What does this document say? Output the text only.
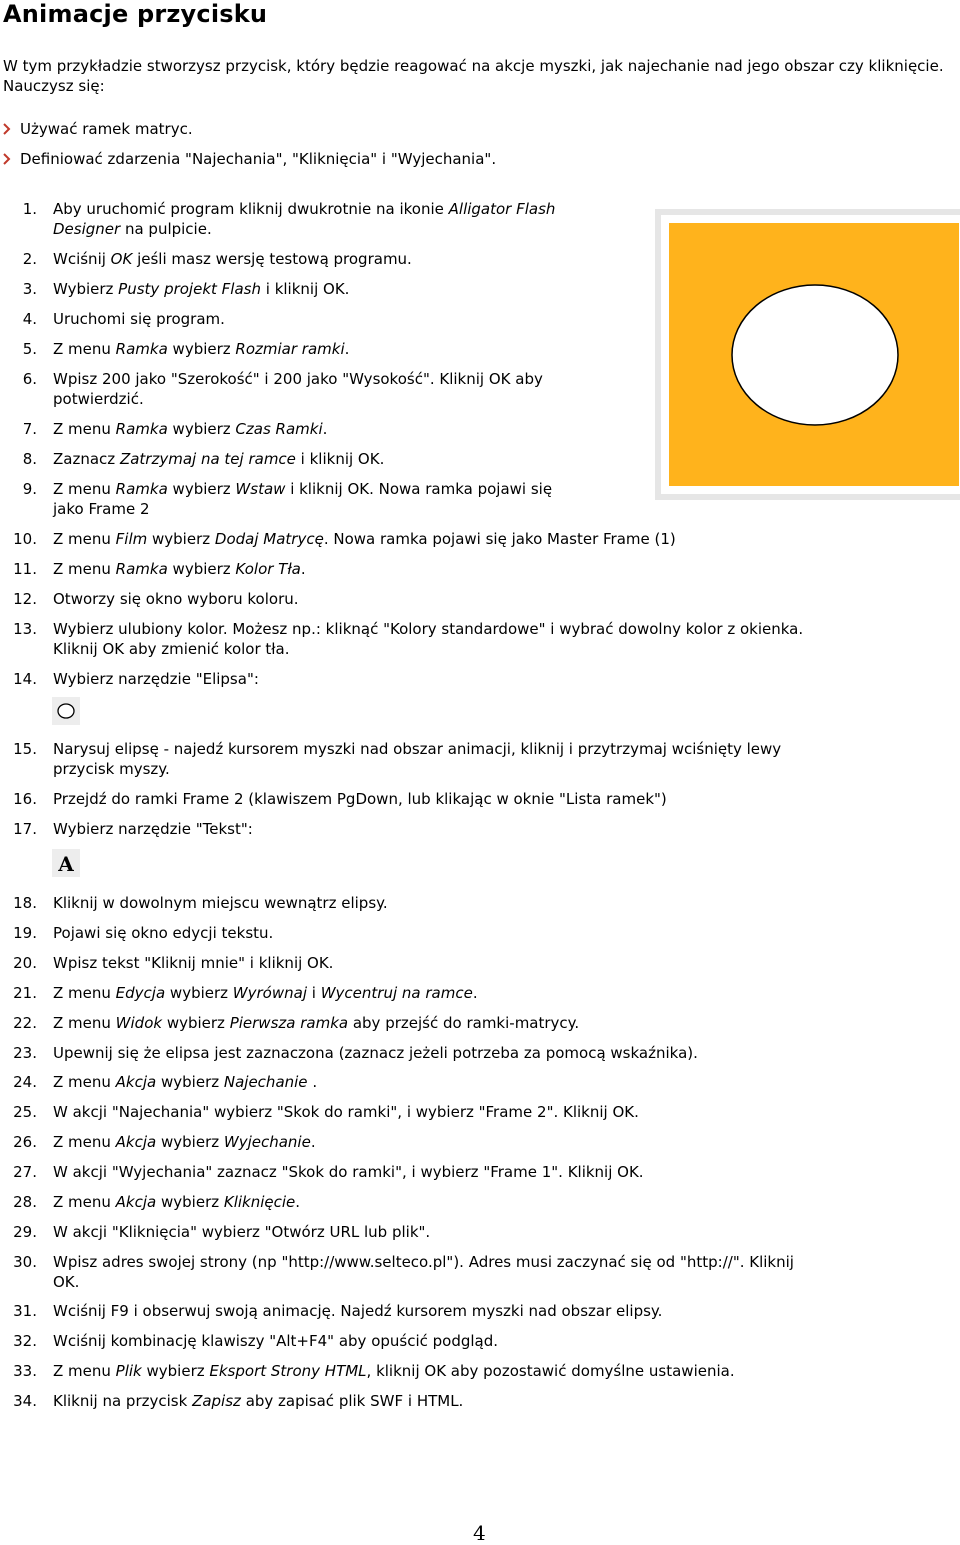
Animacje przycisku
W tym przykładzie stworzysz przycisk, który będzie reagować na akcje myszki, jak najechanie nad jego obszar czy kliknięcie. Nauczysz się:
Używać ramek matryc.
Definiować zdarzenia "Najechania", "Kliknięcia" i "Wyjechania".
1. Aby uruchomić program kliknij dwukrotnie na ikonie Alligator Flash
Designer na pulpicie.
2. Wciśnij OK jeśli masz wersję testową programu.
3. Wybierz Pusty projekt Flash i kliknij OK.
4. Uruchomi się program.
5. Z menu Ramka wybierz Rozmiar ramki.
6. Wpisz 200 jako "Szerokość" i 200 jako "Wysokość". Kliknij OK aby
potwierdzić.
7. Z menu Ramka wybierz Czas Ramki.
8. Zaznacz Zatrzymaj na tej ramce i kliknij OK.
9. Z menu Ramka wybierz Wstaw i kliknij OK. Nowa ramka pojawi się
jako Frame 2
10. Z menu Film wybierz Dodaj Matrycę. Nowa ramka pojawi się jako Master Frame (1)
11. Z menu Ramka wybierz Kolor Tła.
12. Otworzy się okno wyboru koloru.
13. Wybierz ulubiony kolor. Możesz np.: kliknąć "Kolory standardowe" i wybrać dowolny kolor z okienka.
Kliknij OK aby zmienić kolor tła.
14. Wybierz narzędzie "Elipsa":
15. Narysuj elipsę - najedź kursorem myszki nad obszar animacji, kliknij i przytrzymaj wciśnięty lewy
przycisk myszy.
16. Przejdź do ramki Frame 2 (klawiszem PgDown, lub klikając w oknie "Lista ramek")
17. Wybierz narzędzie "Tekst":
18. Kliknij w dowolnym miejscu wewnątrz elipsy.
19. Pojawi się okno edycji tekstu.
20. Wpisz tekst "Kliknij mnie" i kliknij OK.
21. Z menu Edycja wybierz Wyrównaj i Wycentruj na ramce.
22. Z menu Widok wybierz Pierwsza ramka aby przejść do ramki-matrycy.
23. Upewnij się że elipsa jest zaznaczona (zaznacz jeżeli potrzeba za pomocą wskaźnika).
24. Z menu Akcja wybierz Najechanie .
25. W akcji "Najechania" wybierz "Skok do ramki", i wybierz "Frame 2". Kliknij OK.
26. Z menu Akcja wybierz Wyjechanie.
27. W akcji "Wyjechania" zaznacz "Skok do ramki", i wybierz "Frame 1". Kliknij OK.
28. Z menu Akcja wybierz Kliknięcie.
29. W akcji "Kliknięcia" wybierz "Otwórz URL lub plik".
30. Wpisz adres swojej strony (np "http://www.selteco.pl"). Adres musi zaczynać się od "http://". Kliknij
OK.
31. Wciśnij F9 i obserwuj swoją animację. Najedź kursorem myszki nad obszar elipsy.
32. Wciśnij kombinację klawiszy "Alt+F4" aby opuścić podgląd.
33. Z menu Plik wybierz Eksport Strony HTML, kliknij OK aby pozostawić domyślne ustawienia.
34. Kliknij na przycisk Zapisz aby zapisać plik SWF i HTML.
A
4
